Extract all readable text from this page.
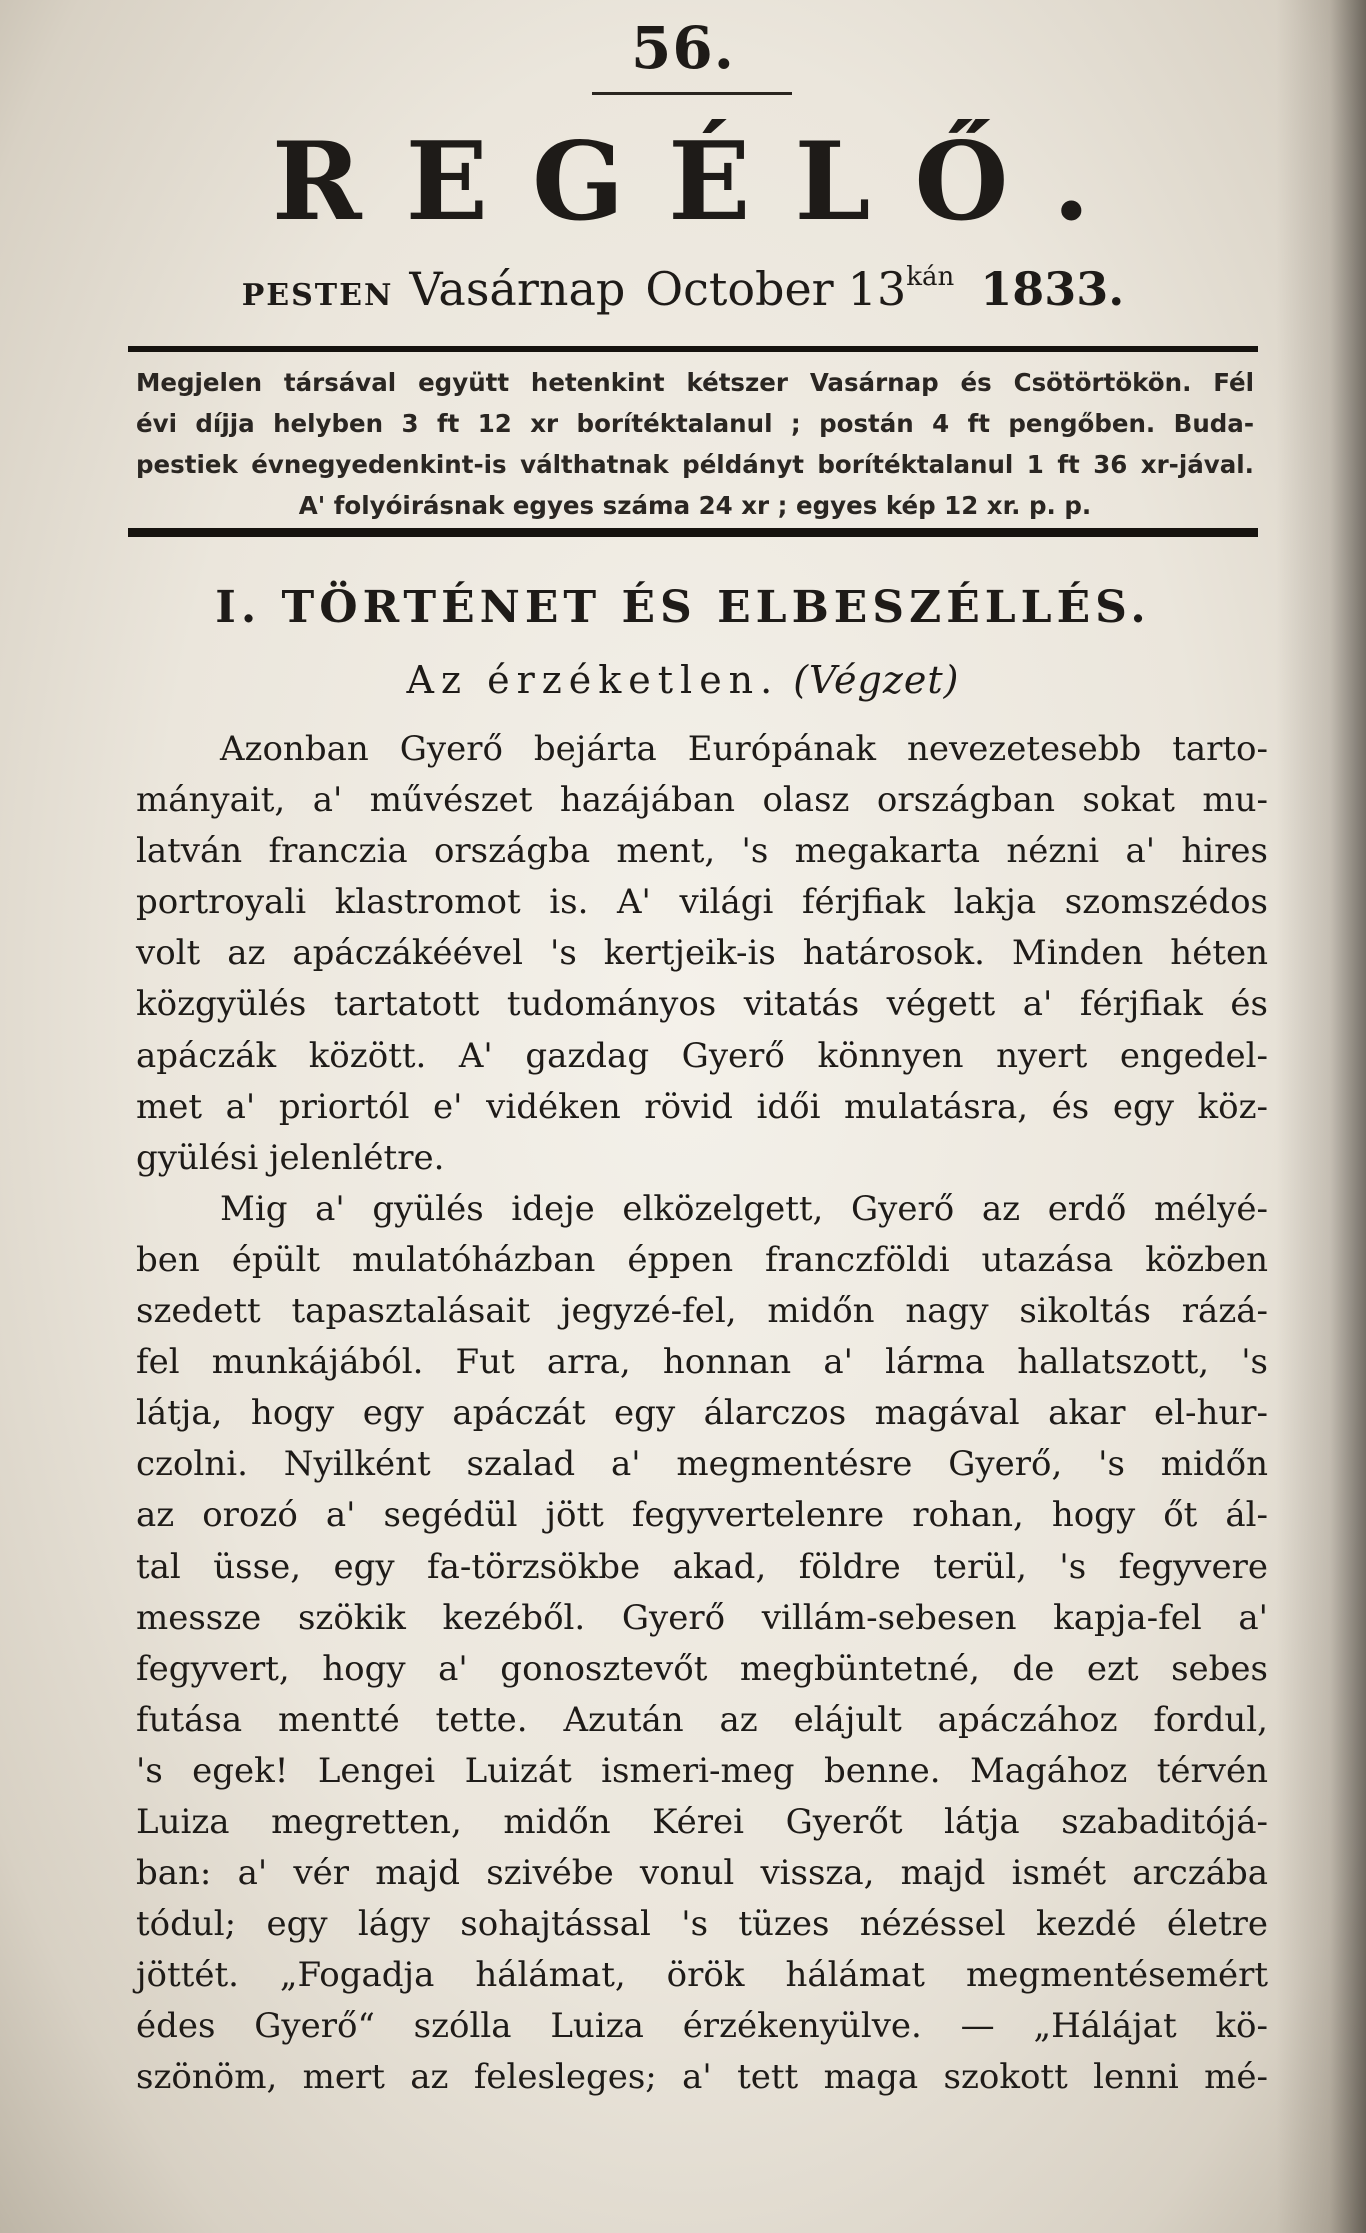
56.
REGÉLŐ.
PESTEN Vasárnap October $13^{kán}$ 1833.
Megjelen társával együtt hetenkint kétszer Vasárnap és Csötörtökön. Fél
évi díjja helyben 3 ft 12 xr borítéktalanul ; postán 4 ft pengőben. Buda-
pestiek évnegyedenkint-is válthatnak példányt borítéktalanul 1 ft 36 xr-jával.
A' folyóirásnak egyes száma 24 xr ; egyes kép 12 xr. p. p.
I. TÖRTÉNET ÉS ELBESZÉLLÉS.
Az érzéketlen. (Végzet)
Azonban Gyerő bejárta Európának nevezetesebb tarto-
mányait, a' művészet hazájában olasz országban sokat mu-
latván franczia országba ment, 's megakarta nézni a' hires
portroyali klastromot is. A' világi férjfiak lakja szomszédos
volt az apáczákéével 's kertjeik-is határosok. Minden héten
közgyülés tartatott tudományos vitatás végett a' férjfiak és
apáczák között. A' gazdag Gyerő könnyen nyert engedel-
met a' priortól e' vidéken rövid idői mulatásra, és egy köz-
gyülési jelenlétre.
Mig a' gyülés ideje elközelgett, Gyerő az erdő mélyé-
ben épült mulatóházban éppen franczföldi utazása közben
szedett tapasztalásait jegyzé-fel, midőn nagy sikoltás rázá-
fel munkájából. Fut arra, honnan a' lárma hallatszott, 's
látja, hogy egy apáczát egy álarczos magával akar el-hur-
czolni. Nyilként szalad a' megmentésre Gyerő, 's midőn
az orozó a' segédül jött fegyvertelenre rohan, hogy őt ál-
tal üsse, egy fa-törzsökbe akad, földre terül, 's fegyvere
messze szökik kezéből. Gyerő villám-sebesen kapja-fel a'
fegyvert, hogy a' gonosztevőt megbüntetné, de ezt sebes
futása mentté tette. Azután az elájult apáczához fordul,
's egek! Lengei Luizát ismeri-meg benne. Magához térvén
Luiza megretten, midőn Kérei Gyerőt látja szabaditójá-
ban: a' vér majd szivébe vonul vissza, majd ismét arczába
tódul; egy lágy sohajtással 's tüzes nézéssel kezdé életre
jöttét. „Fogadja hálámat, örök hálámat megmentésemért
édes Gyerő“ szólla Luiza érzékenyülve. — „Hálájat kö-
szönöm, mert az felesleges; a' tett maga szokott lenni mé-
